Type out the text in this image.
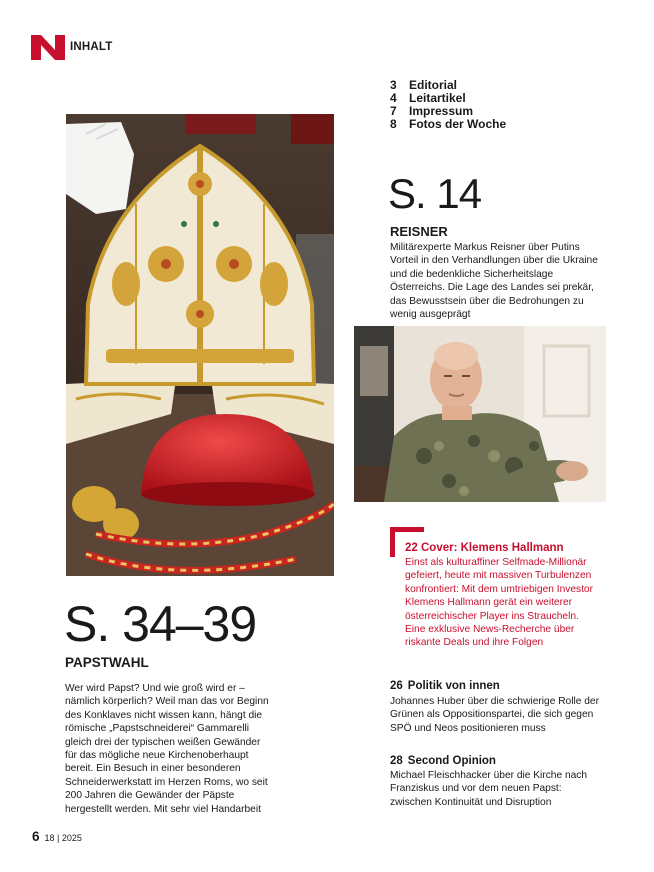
INHALT
3	Editorial
4	Leitartikel
7	Impressum
8	Fotos der Woche
S. 14
REISNER
Militärexperte Markus Reisner über Putins Vorteil in den Verhandlungen über die Ukraine und die bedenkliche Sicherheitslage Österreichs. Die Lage des Landes sei prekär, das Bewusstsein über die Bedrohungen zu wenig ausgeprägt
22 Cover: Klemens Hallmann
Einst als kulturaffiner Selfmade-Millionär gefeiert, heute mit massiven Turbulenzen konfrontiert: Mit dem umtriebigen Investor Klemens Hallmann gerät ein weiterer österreichischer Player ins Straucheln. Eine exklusive News-Recherche über riskante Deals und ihre Folgen
S. 34–39
PAPSTWAHL
Wer wird Papst? Und wie groß wird er – nämlich körperlich? Weil man das vor Beginn des Konklaves nicht wissen kann, hängt die römische „Papstschneiderei“ Gammarelli gleich drei der typischen weißen Gewänder für das mögliche neue Kirchenoberhaupt bereit. Ein Besuch in einer besonderen Schneiderwerkstatt im Herzen Roms, wo seit 200 Jahren die Gewänder der Päpste hergestellt werden. Mit sehr viel Handarbeit
26 Politik von innen
Johannes Huber über die schwierige Rolle der Grünen als Oppositionspartei, die sich gegen SPÖ und Neos positionieren muss
28 Second Opinion
Michael Fleischhacker über die Kirche nach Franziskus und vor dem neuen Papst: zwischen Kontinuität und Disruption
6 18 | 2025
